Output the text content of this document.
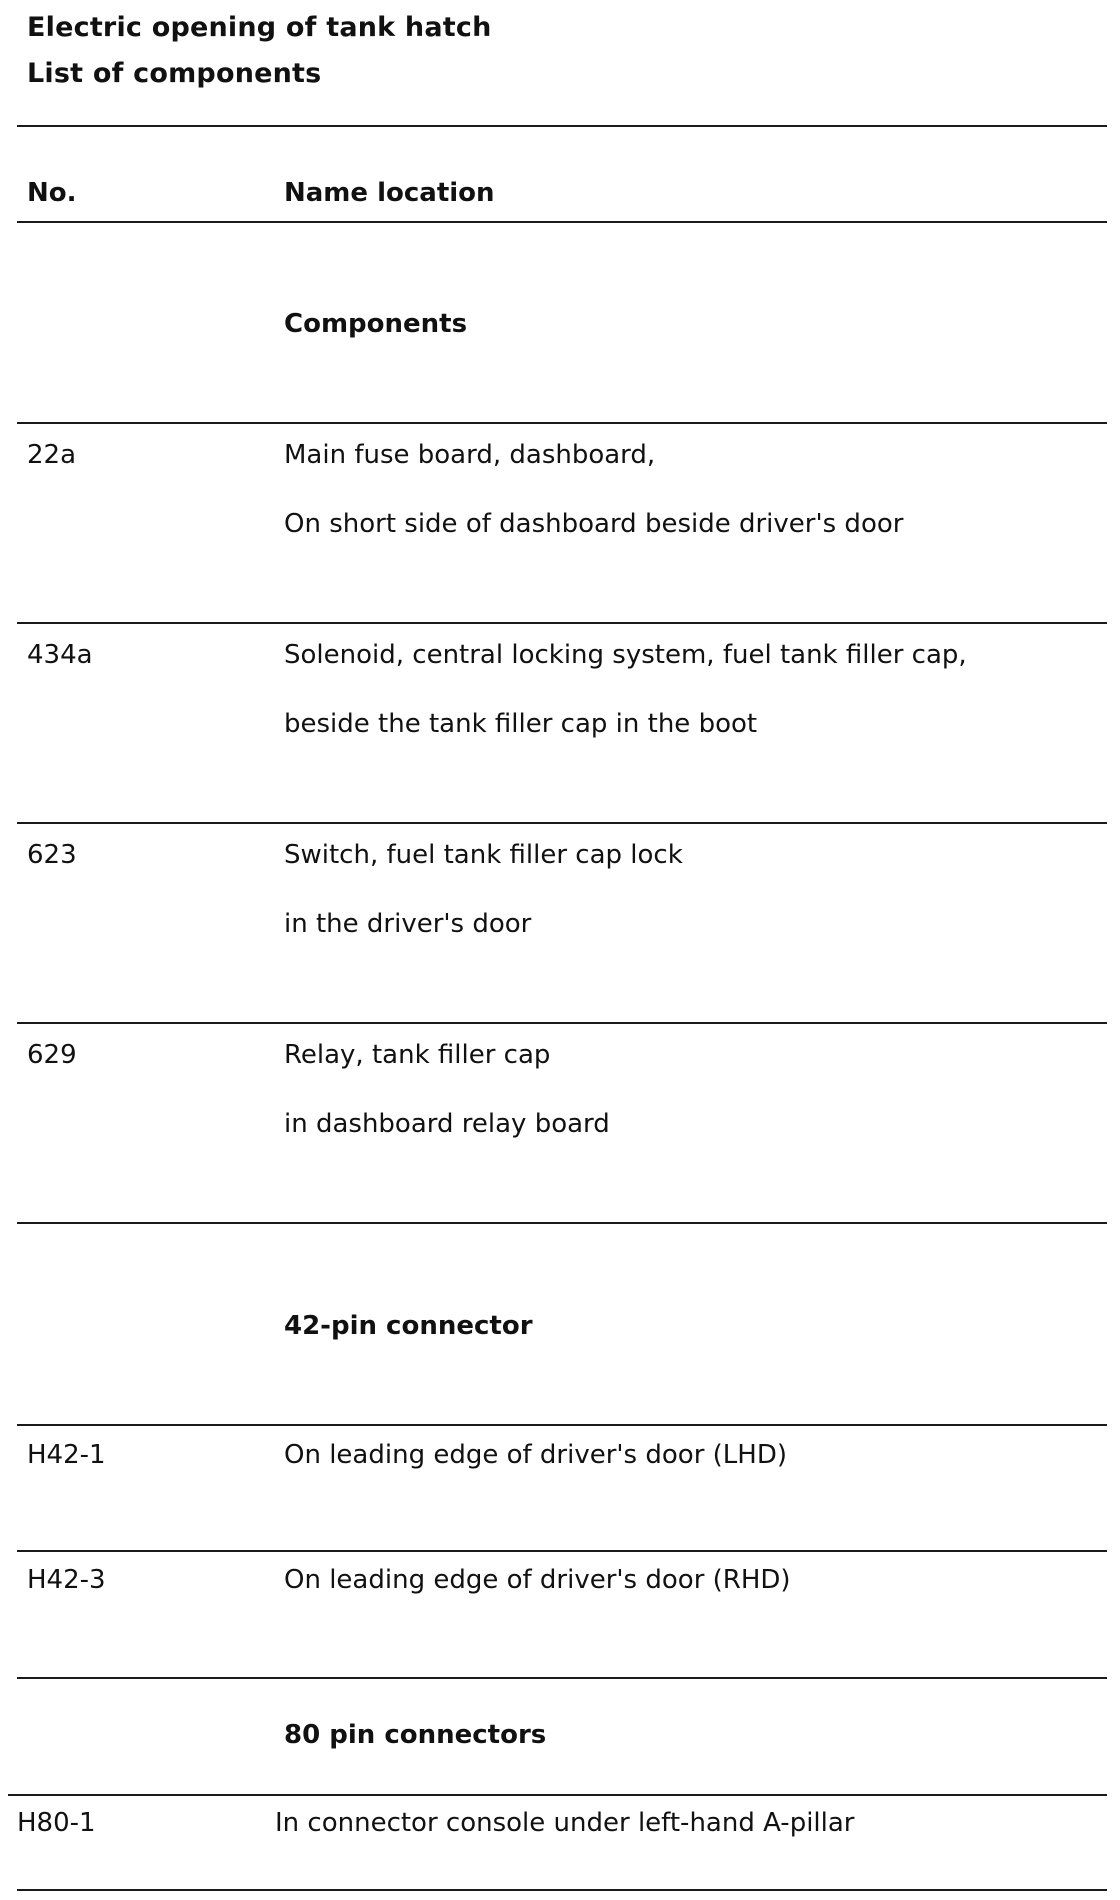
Electric opening of tank hatch
List of components
No.	Name location
Components
22a	Main fuse board, dashboard,
On short side of dashboard beside driver's door
434a	Solenoid, central locking system, fuel tank filler cap,
beside the tank filler cap in the boot
623	Switch, fuel tank filler cap lock
in the driver's door
629	Relay, tank filler cap
in dashboard relay board
42-pin connector
H42-1	On leading edge of driver's door (LHD)
H42-3	On leading edge of driver's door (RHD)
80 pin connectors
H80-1	In connector console under left-hand A-pillar
